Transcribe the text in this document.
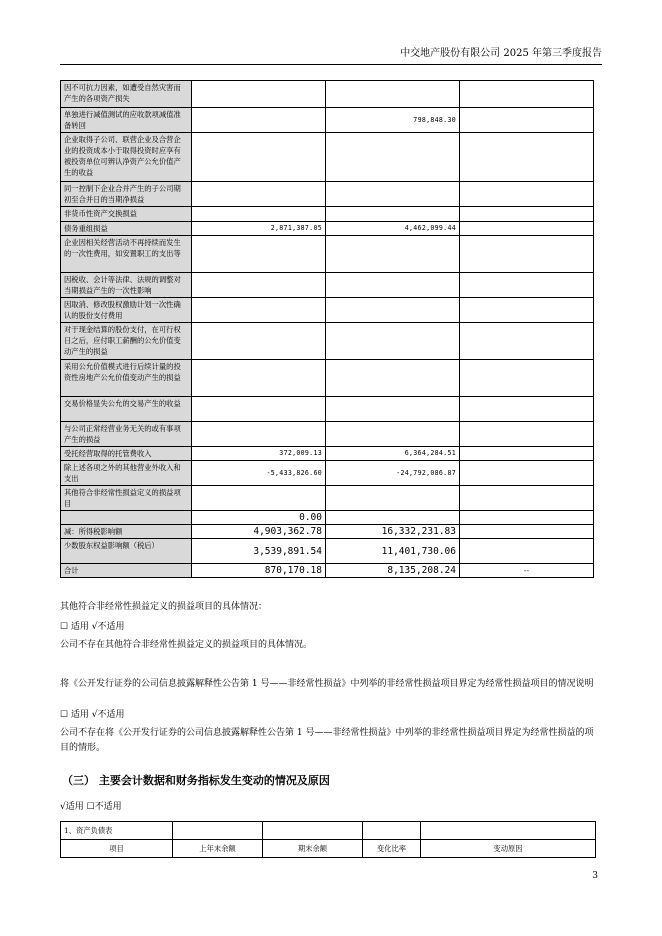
中交地产股份有限公司 2025 年第三季度报告
因不可抗力因素，如遭受自然灾害而产生的各项资产损失			
单独进行减值测试的应收款项减值准备转回		798,848.30	
企业取得子公司、联营企业及合营企业的投资成本小于取得投资时应享有被投资单位可辨认净资产公允价值产生的收益			
同一控制下企业合并产生的子公司期初至合并日的当期净损益			
非货币性资产交换损益			
债务重组损益	2,871,387.05	4,462,099.44	
企业因相关经营活动不再持续而发生的一次性费用，如安置职工的支出等			
因税收、会计等法律、法规的调整对当期损益产生的一次性影响			
因取消、修改股权激励计划一次性确认的股份支付费用			
对于现金结算的股份支付，在可行权日之后，应付职工薪酬的公允价值变动产生的损益			
采用公允价值模式进行后续计量的投资性房地产公允价值变动产生的损益			
交易价格显失公允的交易产生的收益			
与公司正常经营业务无关的或有事项产生的损益			
受托经营取得的托管费收入	372,009.13	6,364,284.51	
除上述各项之外的其他营业外收入和支出	-5,433,826.60	-24,792,086.87	
其他符合非经常性损益定义的损益项目			
	0.00		
减：所得税影响额	4,903,362.78	16,332,231.83	
少数股东权益影响额（税后）	3,539,891.54	11,401,730.06	
合计	870,170.18	8,135,208.24	--
其他符合非经常性损益定义的损益项目的具体情况：
☐ 适用 √不适用
公司不存在其他符合非经常性损益定义的损益项目的具体情况。
将《公开发行证券的公司信息披露解释性公告第 1 号——非经常性损益》中列举的非经常性损益项目界定为经常性损益项目的情况说明
☐ 适用 √不适用
公司不存在将《公开发行证券的公司信息披露解释性公告第 1 号——非经常性损益》中列举的非经常性损益项目界定为经常性损益的项目的情形。
（三） 主要会计数据和财务指标发生变动的情况及原因
√适用 ☐不适用
1、资产负债表				
项目	上年末余额	期末余额	变化比率	变动原因
3
